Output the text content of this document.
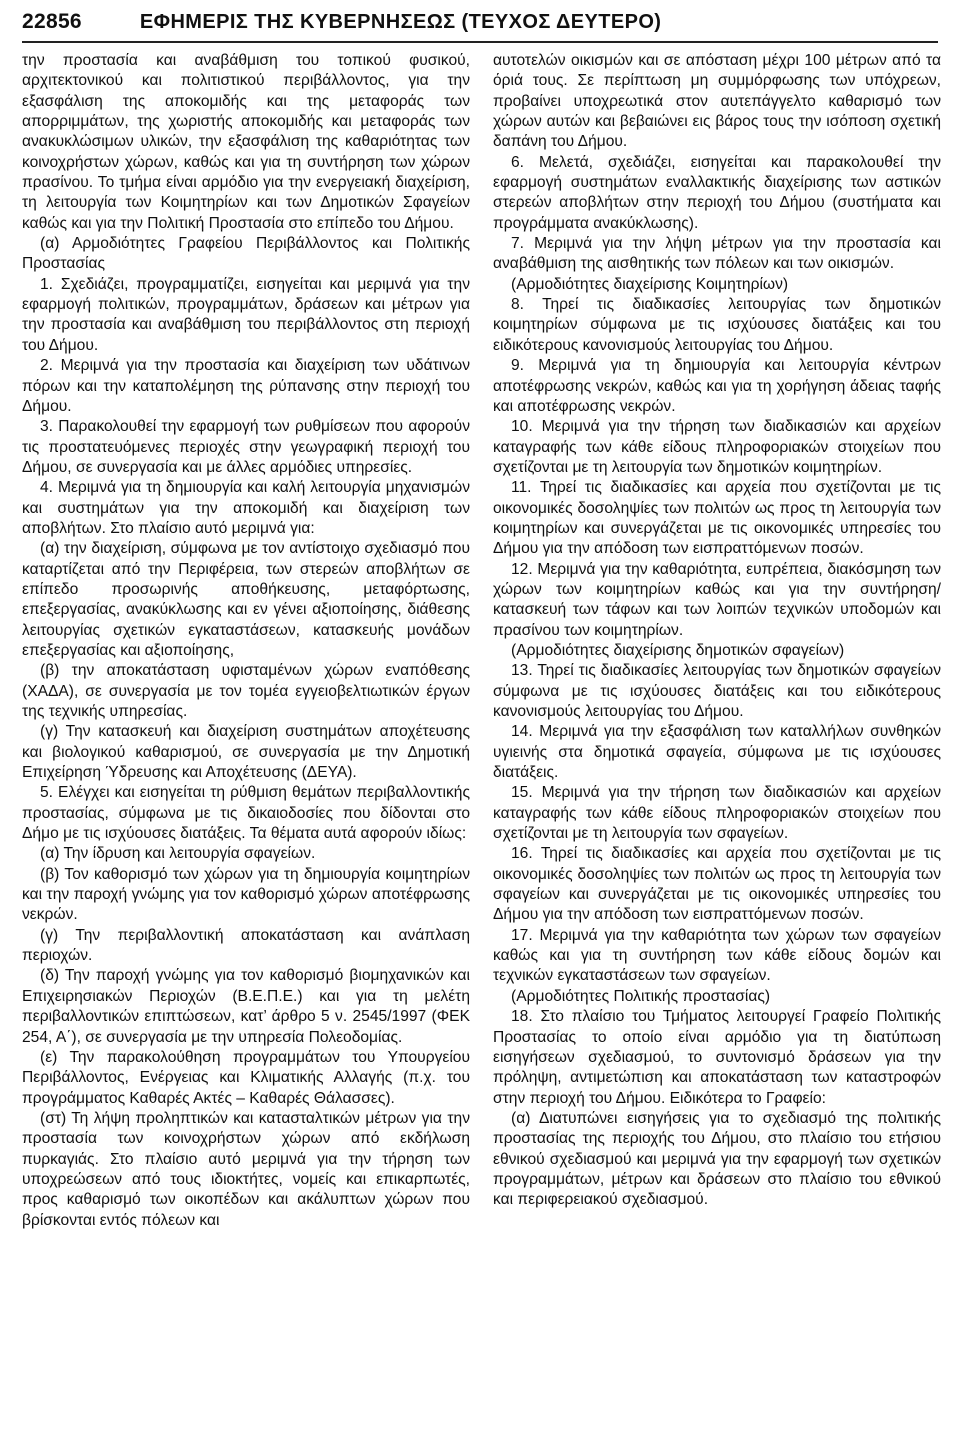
22856	ΕΦΗΜΕΡΙΣ ΤΗΣ ΚΥΒΕΡΝΗΣΕΩΣ (ΤΕΥΧΟΣ ΔΕΥΤΕΡΟ)

την προστασία και αναβάθμιση του τοπικού φυσικού, αρχιτεκτονικού και πολιτιστικού περιβάλλοντος, για την εξασφάλιση της αποκομιδής και της μεταφοράς των απορριμμάτων, της χωριστής αποκομιδής και μεταφοράς των ανακυκλώσιμων υλικών, την εξασφάλιση της καθαριότητας των κοινοχρήστων χώρων, καθώς και για τη συντήρηση των χώρων πρασίνου. Το τμήμα είναι αρμόδιο για την ενεργειακή διαχείριση, τη λειτουργία των Κοιμητηρίων και των Δημοτικών Σφαγείων καθώς και για την Πολιτική Προστασία στο επίπεδο του Δήμου.

(α) Αρμοδιότητες Γραφείου Περιβάλλοντος και Πολιτικής Προστασίας

1. Σχεδιάζει, προγραμματίζει, εισηγείται και μεριμνά για την εφαρμογή πολιτικών, προγραμμάτων, δράσεων και μέτρων για την προστασία και αναβάθμιση του περιβάλλοντος στη περιοχή του Δήμου.

2. Μεριμνά για την προστασία και διαχείριση των υδάτινων πόρων και την καταπολέμηση της ρύπανσης στην περιοχή του Δήμου.

3. Παρακολουθεί την εφαρμογή των ρυθμίσεων που αφορούν τις προστατευόμενες περιοχές στην γεωγραφική περιοχή του Δήμου, σε συνεργασία και με άλλες αρμόδιες υπηρεσίες.

4. Μεριμνά για τη δημιουργία και καλή λειτουργία μηχανισμών και συστημάτων για την αποκομιδή και διαχείριση των αποβλήτων. Στο πλαίσιο αυτό μεριμνά για:

(α) την διαχείριση, σύμφωνα με τον αντίστοιχο σχεδιασμό που καταρτίζεται από την Περιφέρεια, των στερεών αποβλήτων σε επίπεδο προσωρινής αποθήκευσης, μεταφόρτωσης, επεξεργασίας, ανακύκλωσης και εν γένει αξιοποίησης, διάθεσης λειτουργίας σχετικών εγκαταστάσεων, κατασκευής μονάδων επεξεργασίας και αξιοποίησης,

(β) την αποκατάσταση υφισταμένων χώρων εναπόθεσης (ΧΑΔΑ), σε συνεργασία με τον τομέα εγγειοβελτιωτικών έργων της τεχνικής υπηρεσίας.

(γ) Την κατασκευή και διαχείριση συστημάτων αποχέτευσης και βιολογικού καθαρισμού, σε συνεργασία με την Δημοτική Επιχείρηση Ύδρευσης και Αποχέτευσης (ΔΕΥΑ).

5. Ελέγχει και εισηγείται τη ρύθμιση θεμάτων περιβαλλοντικής προστασίας, σύμφωνα με τις δικαιοδοσίες που δίδονται στο Δήμο με τις ισχύουσες διατάξεις. Τα θέματα αυτά αφορούν ιδίως:

(α) Την ίδρυση και λειτουργία σφαγείων.

(β) Τον καθορισμό των χώρων για τη δημιουργία κοιμητηρίων και την παροχή γνώμης για τον καθορισμό χώρων αποτέφρωσης νεκρών.

(γ) Την περιβαλλοντική αποκατάσταση και ανάπλαση περιοχών.

(δ) Την παροχή γνώμης για τον καθορισμό βιομηχανικών και Επιχειρησιακών Περιοχών (Β.Ε.Π.Ε.) και για τη μελέτη περιβαλλοντικών επιπτώσεων, κατ’ άρθρο 5 ν. 2545/1997 (ΦΕΚ 254, Α΄), σε συνεργασία με την υπηρεσία Πολεοδομίας.

(ε) Την παρακολούθηση προγραμμάτων του Υπουργείου Περιβάλλοντος, Ενέργειας και Κλιματικής Αλλαγής (π.χ. του προγράμματος Καθαρές Ακτές – Καθαρές Θάλασσες).

(στ) Τη λήψη προληπτικών και κατασταλτικών μέτρων για την προστασία των κοινοχρήστων χώρων από εκδήλωση πυρκαγιάς. Στο πλαίσιο αυτό μεριμνά για την τήρηση των υποχρεώσεων από τους ιδιοκτήτες, νομείς και επικαρπωτές, προς καθαρισμό των οικοπέδων και ακάλυπτων χώρων που βρίσκονται εντός πόλεων και

αυτοτελών οικισμών και σε απόσταση μέχρι 100 μέτρων από τα όριά τους. Σε περίπτωση μη συμμόρφωσης των υπόχρεων, προβαίνει υποχρεωτικά στον αυτεπάγγελτο καθαρισμό των χώρων αυτών και βεβαιώνει εις βάρος τους την ισόποση σχετική δαπάνη του Δήμου.

6. Μελετά, σχεδιάζει, εισηγείται και παρακολουθεί την εφαρμογή συστημάτων εναλλακτικής διαχείρισης των αστικών στερεών αποβλήτων στην περιοχή του Δήμου (συστήματα και προγράμματα ανακύκλωσης).

7. Μεριμνά για την λήψη μέτρων για την προστασία και αναβάθμιση της αισθητικής των πόλεων και των οικισμών.

(Αρμοδιότητες διαχείρισης Κοιμητηρίων)

8. Τηρεί τις διαδικασίες λειτουργίας των δημοτικών κοιμητηρίων σύμφωνα με τις ισχύουσες διατάξεις και του ειδικότερους κανονισμούς λειτουργίας του Δήμου.

9. Μεριμνά για τη δημιουργία και λειτουργία κέντρων αποτέφρωσης νεκρών, καθώς και για τη χορήγηση άδειας ταφής και αποτέφρωσης νεκρών.

10. Μεριμνά για την τήρηση των διαδικασιών και αρχείων καταγραφής των κάθε είδους πληροφοριακών στοιχείων που σχετίζονται με τη λειτουργία των δημοτικών κοιμητηρίων.

11. Τηρεί τις διαδικασίες και αρχεία που σχετίζονται με τις οικονομικές δοσοληψίες των πολιτών ως προς τη λειτουργία των κοιμητηρίων και συνεργάζεται με τις οικονομικές υπηρεσίες του Δήμου για την απόδοση των εισπραττόμενων ποσών.

12. Μεριμνά για την καθαριότητα, ευπρέπεια, διακόσμηση των χώρων των κοιμητηρίων καθώς και για την συντήρηση/κατασκευή των τάφων και των λοιπών τεχνικών υποδομών και πρασίνου των κοιμητηρίων.

(Αρμοδιότητες διαχείρισης δημοτικών σφαγείων)

13. Τηρεί τις διαδικασίες λειτουργίας των δημοτικών σφαγείων σύμφωνα με τις ισχύουσες διατάξεις και του ειδικότερους κανονισμούς λειτουργίας του Δήμου.

14. Μεριμνά για την εξασφάλιση των καταλλήλων συνθηκών υγιεινής στα δημοτικά σφαγεία, σύμφωνα με τις ισχύουσες διατάξεις.

15. Μεριμνά για την τήρηση των διαδικασιών και αρχείων καταγραφής των κάθε είδους πληροφοριακών στοιχείων που σχετίζονται με τη λειτουργία των σφαγείων.

16. Τηρεί τις διαδικασίες και αρχεία που σχετίζονται με τις οικονομικές δοσοληψίες των πολιτών ως προς τη λειτουργία των σφαγείων και συνεργάζεται με τις οικονομικές υπηρεσίες του Δήμου για την απόδοση των εισπραττόμενων ποσών.

17. Μεριμνά για την καθαριότητα των χώρων των σφαγείων καθώς και για τη συντήρηση των κάθε είδους δομών και τεχνικών εγκαταστάσεων των σφαγείων.

(Αρμοδιότητες Πολιτικής προστασίας)

18. Στο πλαίσιο του Τμήματος λειτουργεί Γραφείο Πολιτικής Προστασίας το οποίο είναι αρμόδιο για τη διατύπωση εισηγήσεων σχεδιασμού, το συντονισμό δράσεων για την πρόληψη, αντιμετώπιση και αποκατάσταση των καταστροφών στην περιοχή του Δήμου. Ειδικότερα το Γραφείο:

(α) Διατυπώνει εισηγήσεις για το σχεδιασμό της πολιτικής προστασίας της περιοχής του Δήμου, στο πλαίσιο του ετήσιου εθνικού σχεδιασμού και μεριμνά για την εφαρμογή των σχετικών προγραμμάτων, μέτρων και δράσεων στο πλαίσιο του εθνικού και περιφερειακού σχεδιασμού.
